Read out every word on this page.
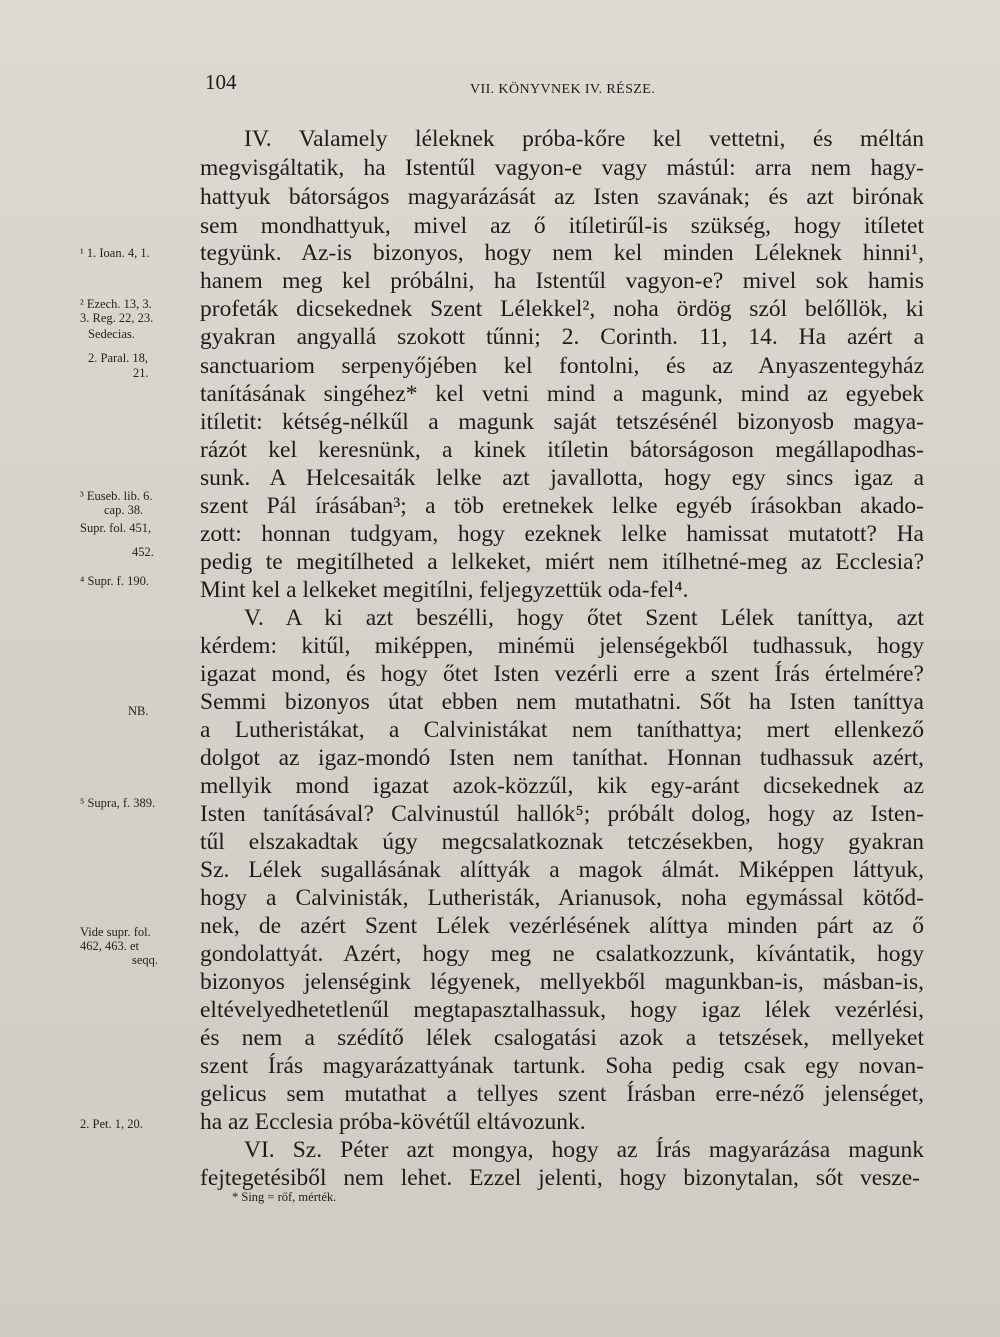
104	VII. KÖNYVNEK IV. RÉSZE.
IV. Valamely léleknek próba-kőre kel vettetni, és méltán
megvisgáltatik, ha Istentűl vagyon-e vagy mástúl: arra nem hagy-
hattyuk bátorságos magyarázását az Isten szavának; és azt birónak
sem mondhattyuk, mivel az ő itíletirűl-is szükség, hogy itíletet
tegyünk. Az-is bizonyos, hogy nem kel minden Léleknek hinni¹,
hanem meg kel próbálni, ha Istentűl vagyon-e? mivel sok hamis
profeták dicsekednek Szent Lélekkel², noha ördög szól belőllök, ki
gyakran angyallá szokott tűnni; 2. Corinth. 11, 14. Ha azért a
sanctuariom serpenyőjében kel fontolni, és az Anyaszentegyház
tanításának singéhez* kel vetni mind a magunk, mind az egyebek
itíletit: kétség-nélkűl a magunk saját tetszésénél bizonyosb magya-
rázót kel keresnünk, a kinek itíletin bátorságoson megállapodhas-
sunk. A Helcesaiták lelke azt javallotta, hogy egy sincs igaz a
szent Pál írásában³; a töb eretnekek lelke egyéb írásokban akado-
zott: honnan tudgyam, hogy ezeknek lelke hamissat mutatott? Ha
pedig te megitílheted a lelkeket, miért nem itílhetné-meg az Ecclesia?
Mint kel a lelkeket megitílni, feljegyzettük oda-fel⁴.
V. A ki azt beszélli, hogy őtet Szent Lélek taníttya, azt
kérdem: kitűl, miképpen, minémü jelenségekből tudhassuk, hogy
igazat mond, és hogy őtet Isten vezérli erre a szent Írás értelmére?
Semmi bizonyos útat ebben nem mutathatni. Sőt ha Isten taníttya
a Lutheristákat, a Calvinistákat nem taníthattya; mert ellenkező
dolgot az igaz-mondó Isten nem taníthat. Honnan tudhassuk azért,
mellyik mond igazat azok-közzűl, kik egy-aránt dicsekednek az
Isten tanításával? Calvinustúl hallók⁵; próbált dolog, hogy az Isten-
tűl elszakadtak úgy megcsalatkoznak tetczésekben, hogy gyakran
Sz. Lélek sugallásának alíttyák a magok álmát. Miképpen láttyuk,
hogy a Calvinisták, Lutheristák, Arianusok, noha egymással kötőd-
nek, de azért Szent Lélek vezérlésének alíttya minden párt az ő
gondolattyát. Azért, hogy meg ne csalatkozzunk, kívántatik, hogy
bizonyos jelenségink légyenek, mellyekből magunkban-is, másban-is,
eltévelyedhetetlenűl megtapasztalhassuk, hogy igaz lélek vezérlési,
és nem a szédítő lélek csalogatási azok a tetszések, mellyeket
szent Írás magyarázattyának tartunk. Soha pedig csak egy novan-
gelicus sem mutathat a tellyes szent Írásban erre-néző jelenséget,
ha az Ecclesia próba-kövétűl eltávozunk.
VI. Sz. Péter azt mongya, hogy az Írás magyarázása magunk
fejtegetésiből nem lehet. Ezzel jelenti, hogy bizonytalan, sőt vesze-
¹ 1. Ioan. 4, 1.
² Ezech. 13, 3.
3. Reg. 22, 23.
Sedecias.
2. Paral. 18,
21.
³ Euseb. lib. 6.
cap. 38.
Supr. fol. 451,
452.
⁴ Supr. f. 190.
NB.
⁵ Supra, f. 389.
Vide supr. fol.
462, 463. et
seqq.
2. Pet. 1, 20.
* Sing = rőf, mérték.
